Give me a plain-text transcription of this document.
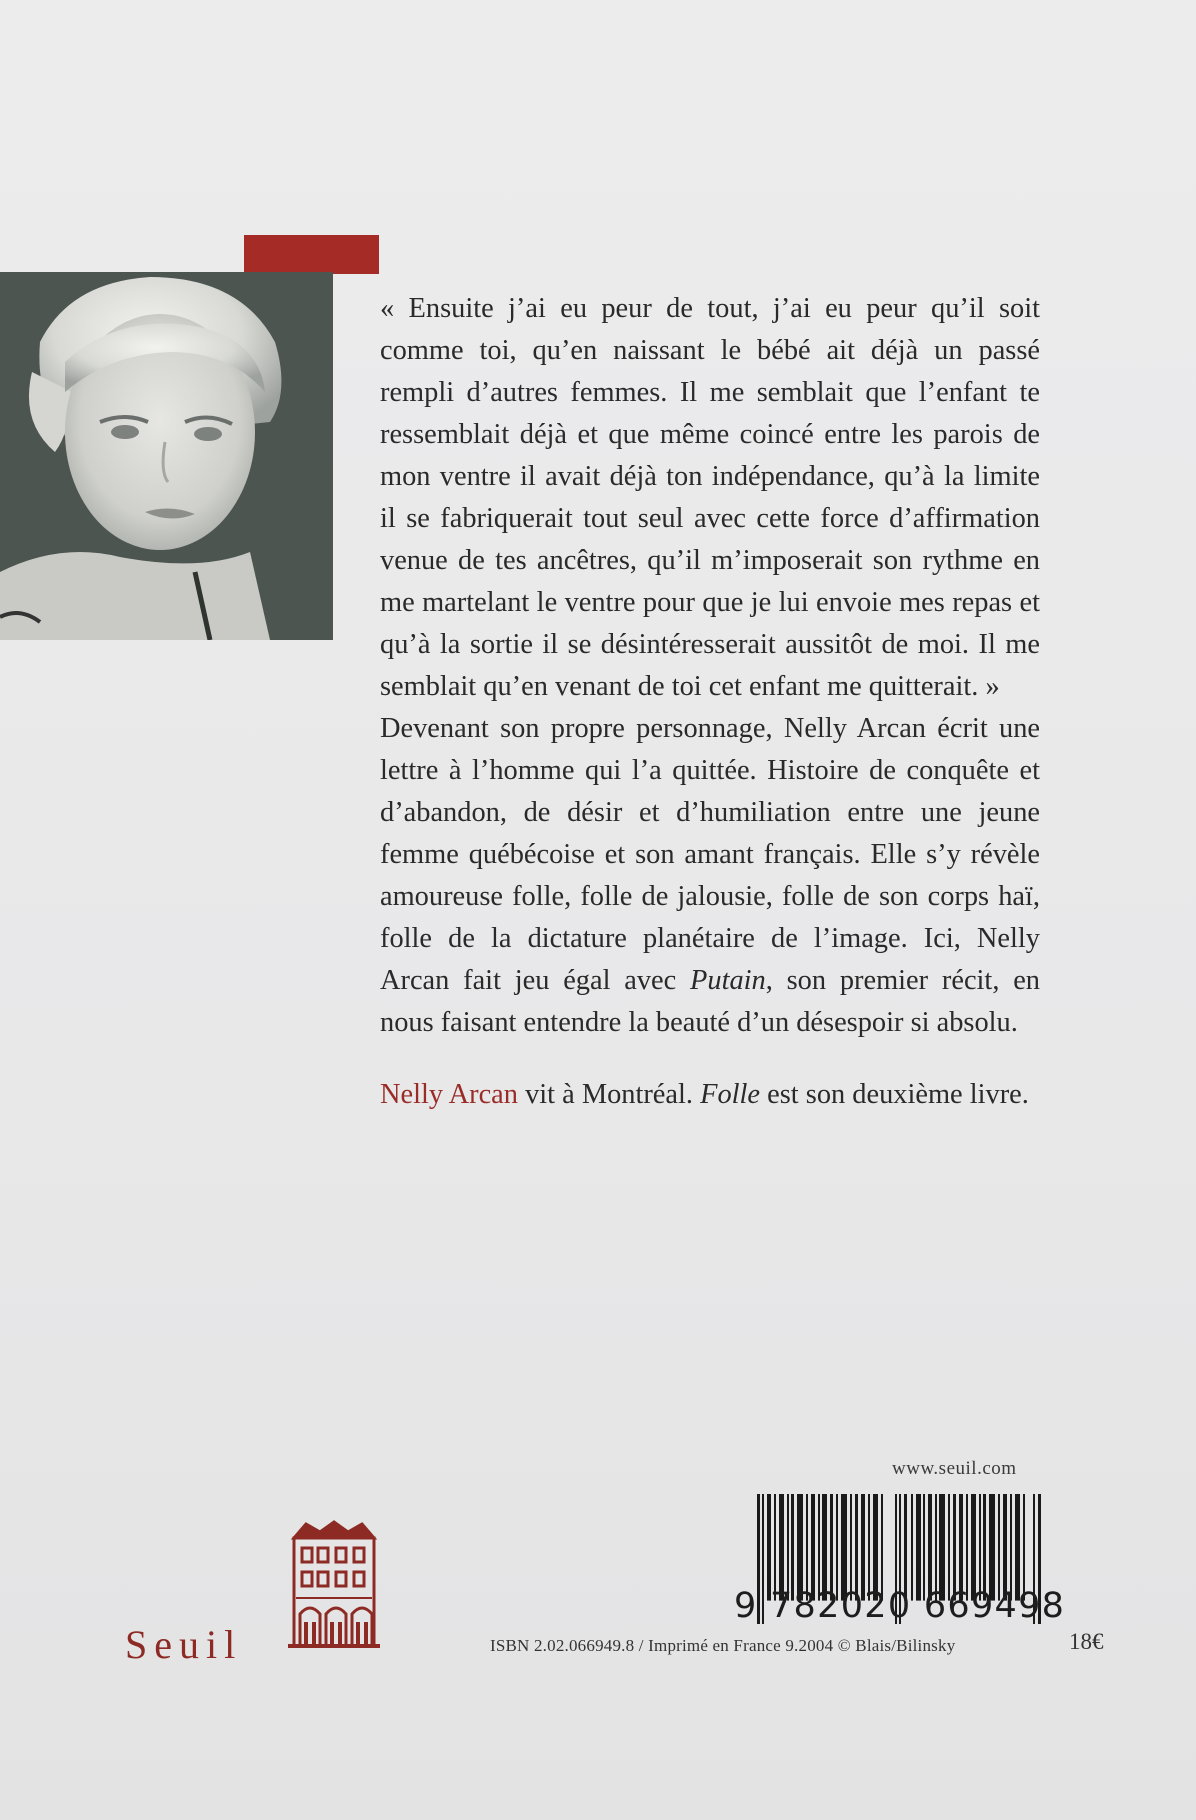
« Ensuite j’ai eu peur de tout, j’ai eu peur qu’il soit comme toi, qu’en naissant le bébé ait déjà un passé rempli d’autres femmes. Il me semblait que l’enfant te ressemblait déjà et que même coincé entre les parois de mon ventre il avait déjà ton indépendance, qu’à la limite il se fabriquerait tout seul avec cette force d’affirmation venue de tes ancêtres, qu’il m’imposerait son rythme en me martelant le ventre pour que je lui envoie mes repas et qu’à la sortie il se désintéresserait aussitôt de moi. Il me semblait qu’en venant de toi cet enfant me quitterait. »

Devenant son propre personnage, Nelly Arcan écrit une lettre à l’homme qui l’a quittée. Histoire de conquête et d’abandon, de désir et d’humiliation entre une jeune femme québécoise et son amant français. Elle s’y révèle amoureuse folle, folle de jalousie, folle de son corps haï, folle de la dictature planétaire de l’image. Ici, Nelly Arcan fait jeu égal avec Putain, son premier récit, en nous faisant entendre la beauté d’un désespoir si absolu.

Nelly Arcan vit à Montréal. Folle est son deuxième livre.

www.seuil.com
9 782020 669498
ISBN 2.02.066949.8 / Imprimé en France 9.2004 © Blais/Bilinsky	18€
Seuil
